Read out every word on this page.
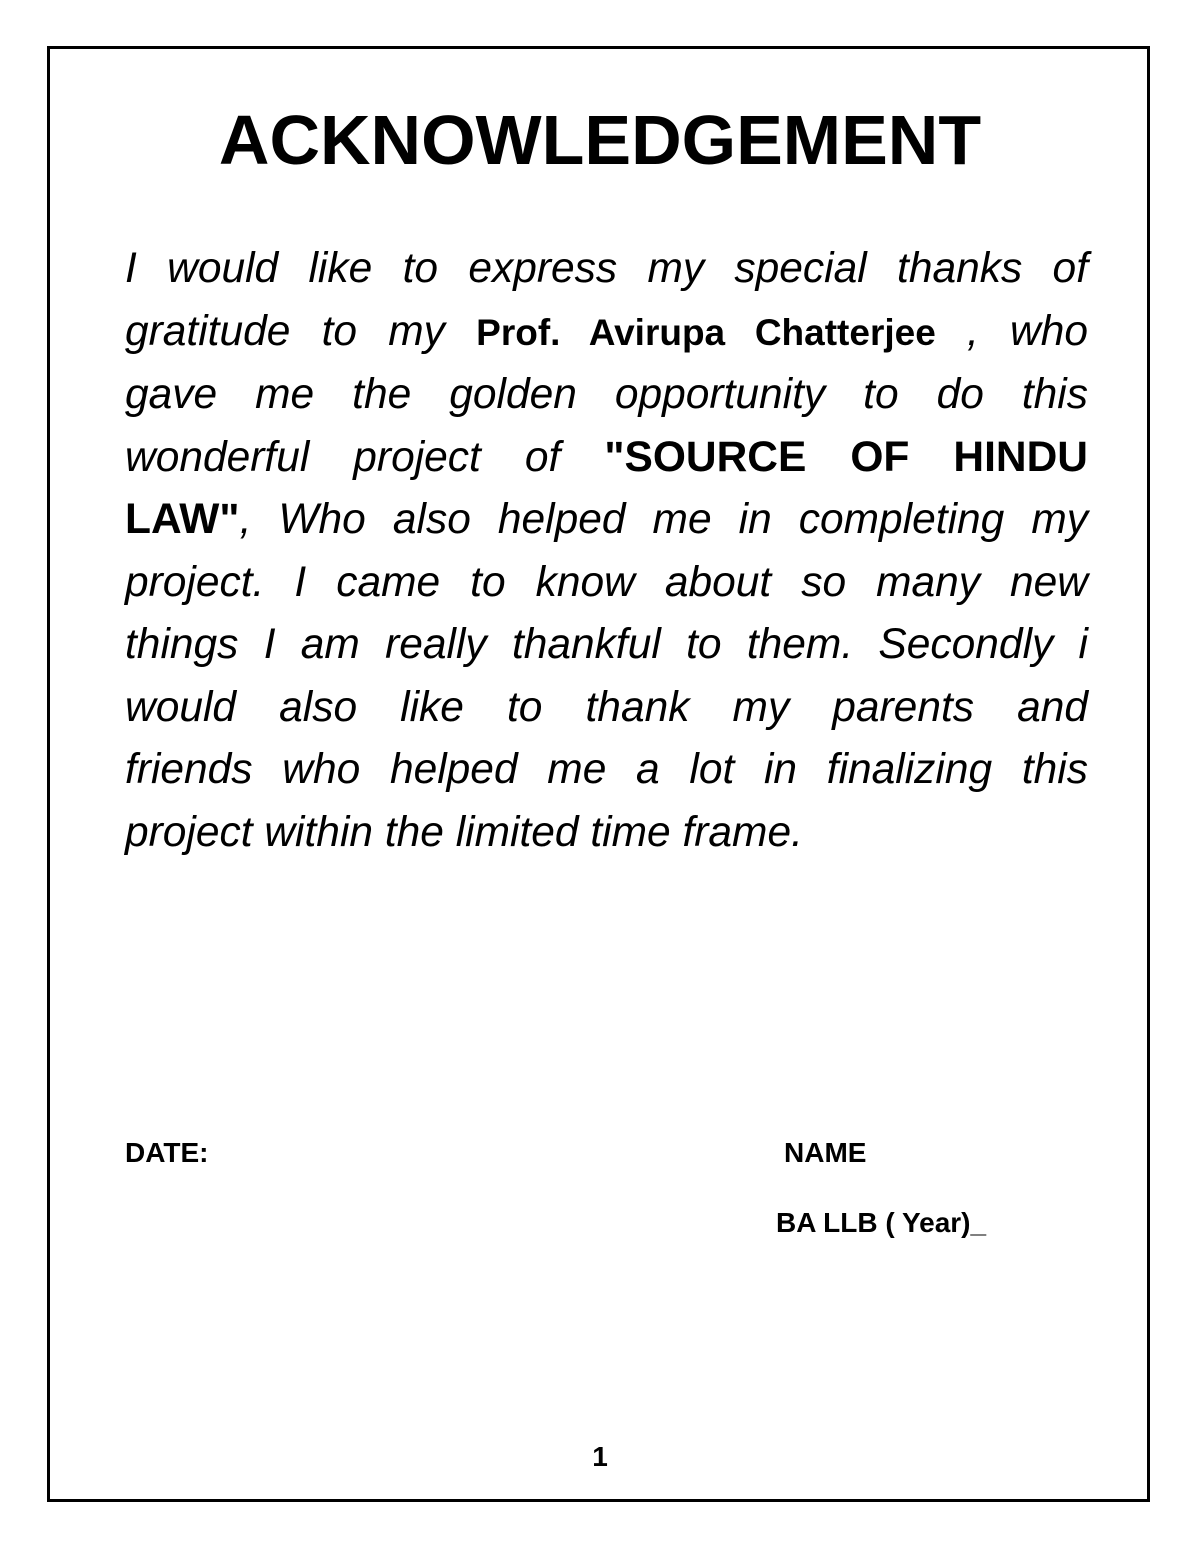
ACKNOWLEDGEMENT
I would like to express my special thanks of
gratitude to my Prof. Avirupa Chatterjee , who
gave me the golden opportunity to do this
wonderful project of "SOURCE OF HINDU
LAW", Who also helped me in completing my
project. I came to know about so many new
things I am really thankful to them. Secondly i
would also like to thank my parents and
friends who helped me a lot in finalizing this
project within the limited time frame.
DATE:	NAME
BA LLB ( Year)_
1
